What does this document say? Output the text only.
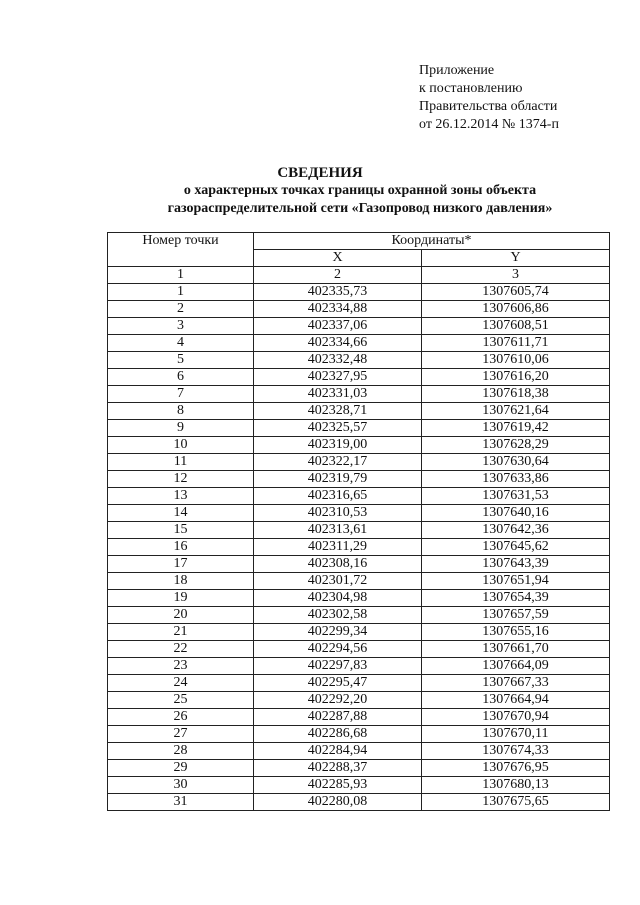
Приложение
к постановлению
Правительства области
от 26.12.2014 № 1374-п
СВЕДЕНИЯ
о характерных точках границы охранной зоны объекта
газораспределительной сети «Газопровод низкого давления»
Номер точки	Координаты*	
	X	Y
1	2	3
1	402335,73	1307605,74
2	402334,88	1307606,86
3	402337,06	1307608,51
4	402334,66	1307611,71
5	402332,48	1307610,06
6	402327,95	1307616,20
7	402331,03	1307618,38
8	402328,71	1307621,64
9	402325,57	1307619,42
10	402319,00	1307628,29
11	402322,17	1307630,64
12	402319,79	1307633,86
13	402316,65	1307631,53
14	402310,53	1307640,16
15	402313,61	1307642,36
16	402311,29	1307645,62
17	402308,16	1307643,39
18	402301,72	1307651,94
19	402304,98	1307654,39
20	402302,58	1307657,59
21	402299,34	1307655,16
22	402294,56	1307661,70
23	402297,83	1307664,09
24	402295,47	1307667,33
25	402292,20	1307664,94
26	402287,88	1307670,94
27	402286,68	1307670,11
28	402284,94	1307674,33
29	402288,37	1307676,95
30	402285,93	1307680,13
31	402280,08	1307675,65
